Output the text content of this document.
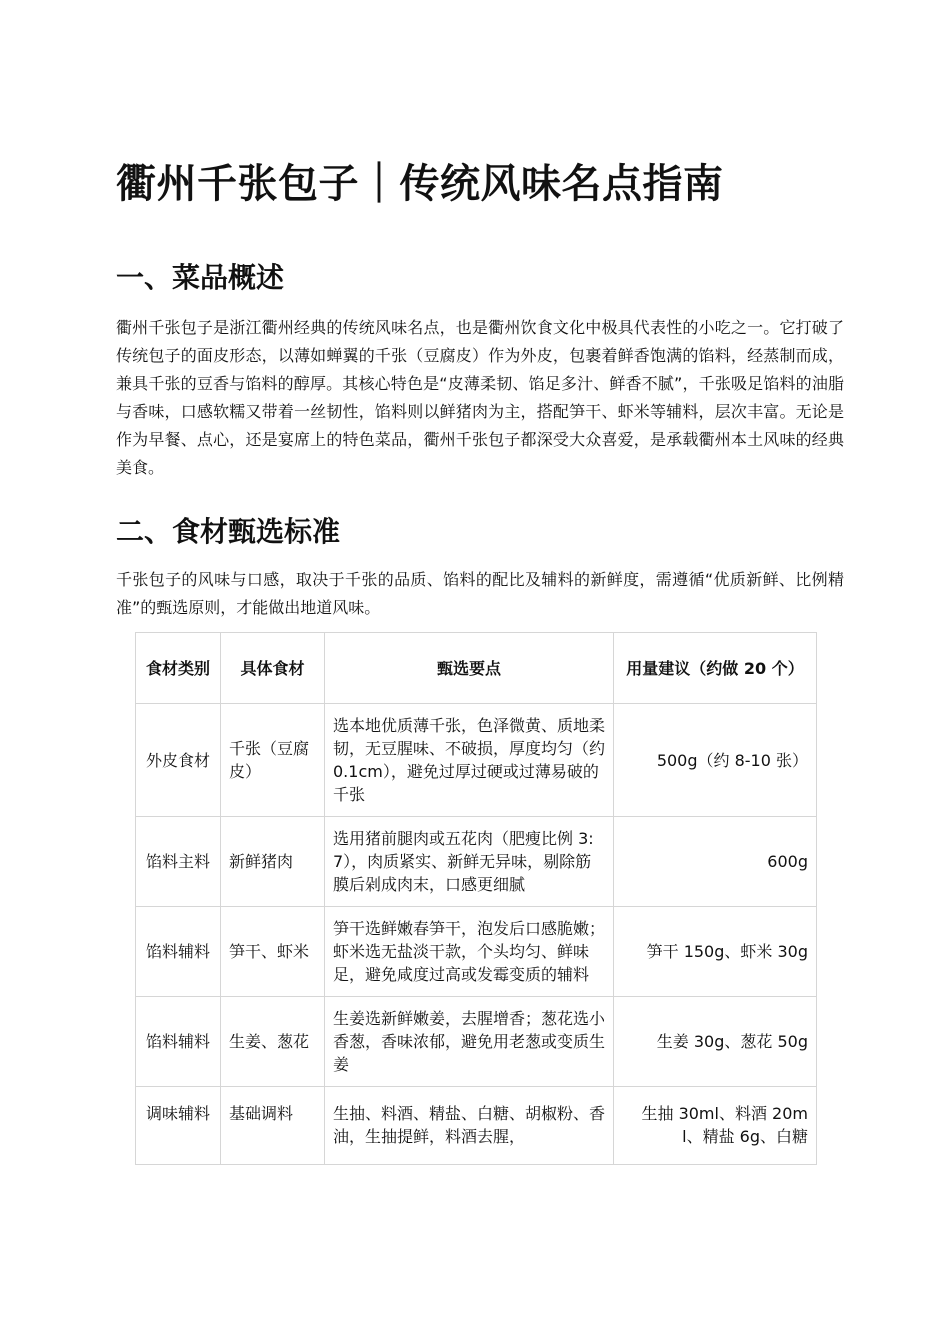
衢州千张包子｜传统风味名点指南
一、菜品概述

衢州千张包子是浙江衢州经典的传统风味名点，也是衢州饮食文化中极具代表性的小吃之一。它打破了传统包子的面皮形态，以薄如蝉翼的千张（豆腐皮）作为外皮，包裹着鲜香饱满的馅料，经蒸制而成，兼具千张的豆香与馅料的醇厚。其核心特色是“皮薄柔韧、馅足多汁、鲜香不腻”，千张吸足馅料的油脂与香味，口感软糯又带着一丝韧性，馅料则以鲜猪肉为主，搭配笋干、虾米等辅料，层次丰富。无论是作为早餐、点心，还是宴席上的特色菜品，衢州千张包子都深受大众喜爱，是承载衢州本土风味的经典美食。

二、食材甄选标准

千张包子的风味与口感，取决于千张的品质、馅料的配比及辅料的新鲜度，需遵循“优质新鲜、比例精准”的甄选原则，才能做出地道风味。

食材类别	具体食材	甄选要点	用量建议（约做 20 个）
外皮食材	千张（豆腐皮）	选本地优质薄千张，色泽微黄、质地柔韧，无豆腥味、不破损，厚度均匀（约 0.1cm），避免过厚过硬或过薄易破的千张	500g（约 8-10 张）
馅料主料	新鲜猪肉	选用猪前腿肉或五花肉（肥瘦比例 3:7），肉质紧实、新鲜无异味，剔除筋膜后剁成肉末，口感更细腻	600g
馅料辅料	笋干、虾米	笋干选鲜嫩春笋干，泡发后口感脆嫩；虾米选无盐淡干款，个头均匀、鲜味足，避免咸度过高或发霉变质的辅料	笋干 150g、虾米 30g
馅料辅料	生姜、葱花	生姜选新鲜嫩姜，去腥增香；葱花选小香葱，香味浓郁，避免用老葱或变质生姜	生姜 30g、葱花 50g
调味辅料	基础调料	生抽、料酒、精盐、白糖、胡椒粉、香油，生抽提鲜，料酒去腥，	生抽 30ml、料酒 20ml、精盐 6g、白糖
